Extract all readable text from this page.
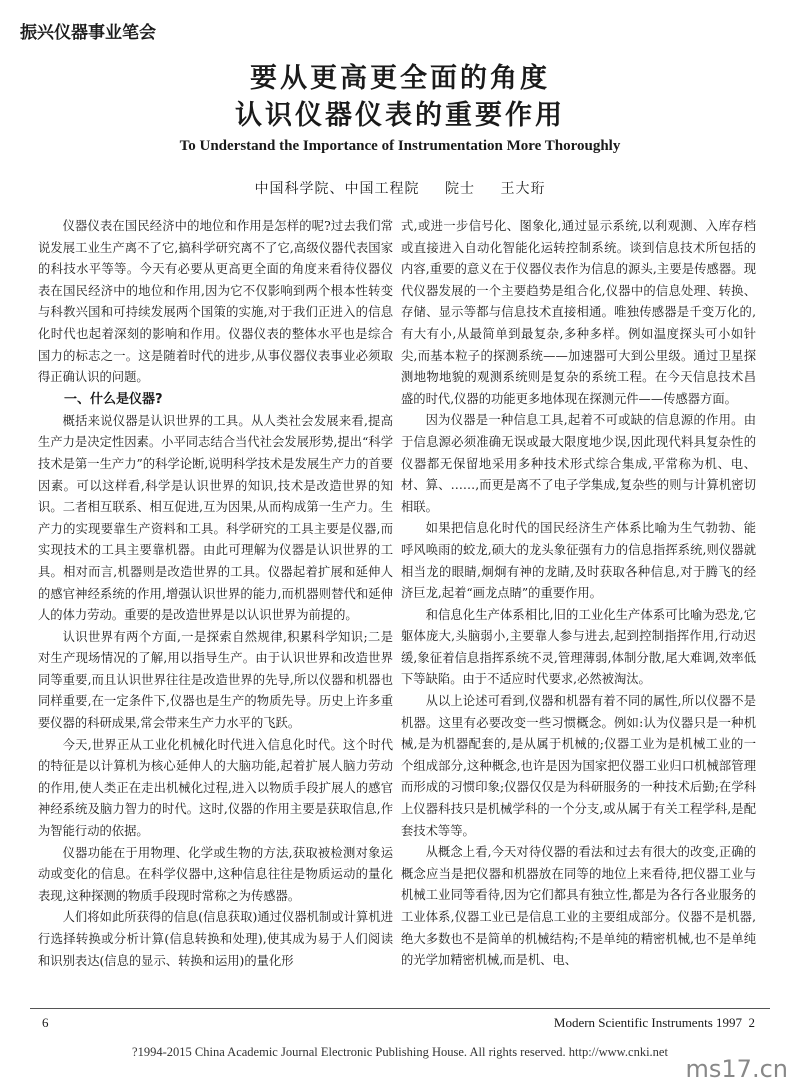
振兴仪器事业笔会
要从更高更全面的角度
认识仪器仪表的重要作用
To Understand the Importance of Instrumentation More Thoroughly
中国科学院、中国工程院 院士 王大珩

仪器仪表在国民经济中的地位和作用是怎样的呢?过去我们常说发展工业生产离不了它,搞科学研究离不了它,高级仪器代表国家的科技水平等等。今天有必要从更高更全面的角度来看待仪器仪表在国民经济中的地位和作用,因为它不仅影响到两个根本性转变与科教兴国和可持续发展两个国策的实施,对于我们正进入的信息化时代也起着深刻的影响和作用。仪器仪表的整体水平也是综合国力的标志之一。这是随着时代的进步,从事仪器仪表事业必须取得正确认识的问题。

一、什么是仪器?

概括来说仪器是认识世界的工具。从人类社会发展来看,提高生产力是决定性因素。小平同志结合当代社会发展形势,提出“科学技术是第一生产力”的科学论断,说明科学技术是发展生产力的首要因素。可以这样看,科学是认识世界的知识,技术是改造世界的知识。二者相互联系、相互促进,互为因果,从而构成第一生产力。生产力的实现要靠生产资料和工具。科学研究的工具主要是仪器,而实现技术的工具主要靠机器。由此可理解为仪器是认识世界的工具。相对而言,机器则是改造世界的工具。仪器起着扩展和延伸人的感官神经系统的作用,增强认识世界的能力,而机器则替代和延伸人的体力劳动。重要的是改造世界是以认识世界为前提的。

认识世界有两个方面,一是探索自然规律,积累科学知识;二是对生产现场情况的了解,用以指导生产。由于认识世界和改造世界同等重要,而且认识世界往往是改造世界的先导,所以仪器和机器也同样重要,在一定条件下,仪器也是生产的物质先导。历史上许多重要仪器的科研成果,常会带来生产力水平的飞跃。

今天,世界正从工业化机械化时代进入信息化时代。这个时代的特征是以计算机为核心延伸人的大脑功能,起着扩展人脑力劳动的作用,使人类正在走出机械化过程,进入以物质手段扩展人的感官神经系统及脑力智力的时代。这时,仪器的作用主要是获取信息,作为智能行动的依据。

仪器功能在于用物理、化学或生物的方法,获取被检测对象运动或变化的信息。在科学仪器中,这种信息往往是物质运动的量化表现,这种探测的物质手段现时常称之为传感器。

人们将如此所获得的信息(信息获取)通过仪器机制或计算机进行选择转换或分析计算(信息转换和处理),使其成为易于人们阅读和识别表达(信息的显示、转换和运用)的量化形

式,或进一步信号化、图象化,通过显示系统,以利观测、入库存档或直接进入自动化智能化运转控制系统。谈到信息技术所包括的内容,重要的意义在于仪器仪表作为信息的源头,主要是传感器。现代仪器发展的一个主要趋势是组合化,仪器中的信息处理、转换、存储、显示等都与信息技术直接相通。唯独传感器是千变万化的,有大有小,从最简单到最复杂,多种多样。例如温度探头可小如针尖,而基本粒子的探测系统——加速器可大到公里级。通过卫星探测地物地貌的观测系统则是复杂的系统工程。在今天信息技术昌盛的时代,仪器的功能更多地体现在探测元件——传感器方面。

因为仪器是一种信息工具,起着不可或缺的信息源的作用。由于信息源必须准确无误或最大限度地少误,因此现代料具复杂性的仪器都无保留地采用多种技术形式综合集成,平常称为机、电、材、算、……,而更是离不了电子学集成,复杂些的则与计算机密切相联。

如果把信息化时代的国民经济生产体系比喻为生气勃勃、能呼风唤雨的蛟龙,硕大的龙头象征强有力的信息指挥系统,则仪器就相当龙的眼睛,炯炯有神的龙睛,及时获取各种信息,对于腾飞的经济巨龙,起着“画龙点睛”的重要作用。

和信息化生产体系相比,旧的工业化生产体系可比喻为恐龙,它躯体庞大,头脑弱小,主要靠人参与进去,起到控制指挥作用,行动迟缓,象征着信息指挥系统不灵,管理薄弱,体制分散,尾大难调,效率低下等缺陷。由于不适应时代要求,必然被淘汰。

从以上论述可看到,仪器和机器有着不同的属性,所以仪器不是机器。这里有必要改变一些习惯概念。例如:认为仪器只是一种机械,是为机器配套的,是从属于机械的;仪器工业为是机械工业的一个组成部分,这种概念,也许是因为国家把仪器工业归口机械部管理而形成的习惯印象;仪器仅仅是为科研服务的一种技术后勤;在学科上仪器科技只是机械学科的一个分支,或从属于有关工程学科,是配套技术等等。

从概念上看,今天对待仪器的看法和过去有很大的改变,正确的概念应当是把仪器和机器放在同等的地位上来看待,把仪器工业与机械工业同等看待,因为它们都具有独立性,都是为各行各业服务的工业体系,仪器工业已是信息工业的主要组成部分。仪器不是机器,绝大多数也不是简单的机械结构;不是单纯的精密机械,也不是单纯的光学加精密机械,而是机、电、

6	Modern Scientific Instruments 1997 2
?1994-2015 China Academic Journal Electronic Publishing House. All rights reserved. http://www.cnki.net
ms17.cn
